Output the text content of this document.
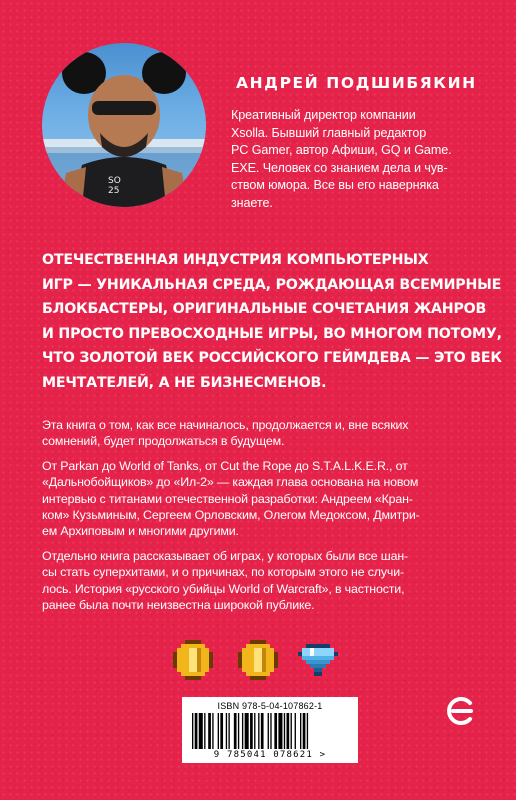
SO
25
АНДРЕЙ ПОДШИБЯКИН
Креативный директор компании
Xsolla. Бывший главный редактор
PC Gamer, автор Афиши, GQ и Game.
EXE. Человек со знанием дела и чув-
ством юмора. Все вы его наверняка
знаете.

ОТЕЧЕСТВЕННАЯ ИНДУСТРИЯ КОМПЬЮТЕРНЫХ

ИГР — УНИКАЛЬНАЯ СРЕДА, РОЖДАЮЩАЯ ВСЕМИРНЫЕ

БЛОКБАСТЕРЫ, ОРИГИНАЛЬНЫЕ СОЧЕТАНИЯ ЖАНРОВ

И ПРОСТО ПРЕВОСХОДНЫЕ ИГРЫ, ВО МНОГОМ ПОТОМУ,

ЧТО ЗОЛОТОЙ ВЕК РОССИЙСКОГО ГЕЙМДЕВА — ЭТО ВЕК

МЕЧТАТЕЛЕЙ, А НЕ БИЗНЕСМЕНОВ.

Эта книга о том, как все начиналось, продолжается и, вне всяких
сомнений, будет продолжаться в будущем.

От Parkan до World of Tanks, от Cut the Rope до S.T.A.L.K.E.R., от
«Дальнобойщиков» до «Ил-2» — каждая глава основана на новом
интервью с титанами отечественной разработки: Андреем «Кран-
ком» Кузьминым, Сергеем Орловским, Олегом Медоксом, Дмитри-
ем Архиповым и многими другими.

Отдельно книга рассказывает об играх, у которых были все шан-
сы стать суперхитами, и о причинах, по которым этого не случи-
лось. История «русского убийцы World of Warcraft», в частности,
ранее была почти неизвестна широкой публике.

ISBN 978-5-04-107862-1
9 785041 078621 >
